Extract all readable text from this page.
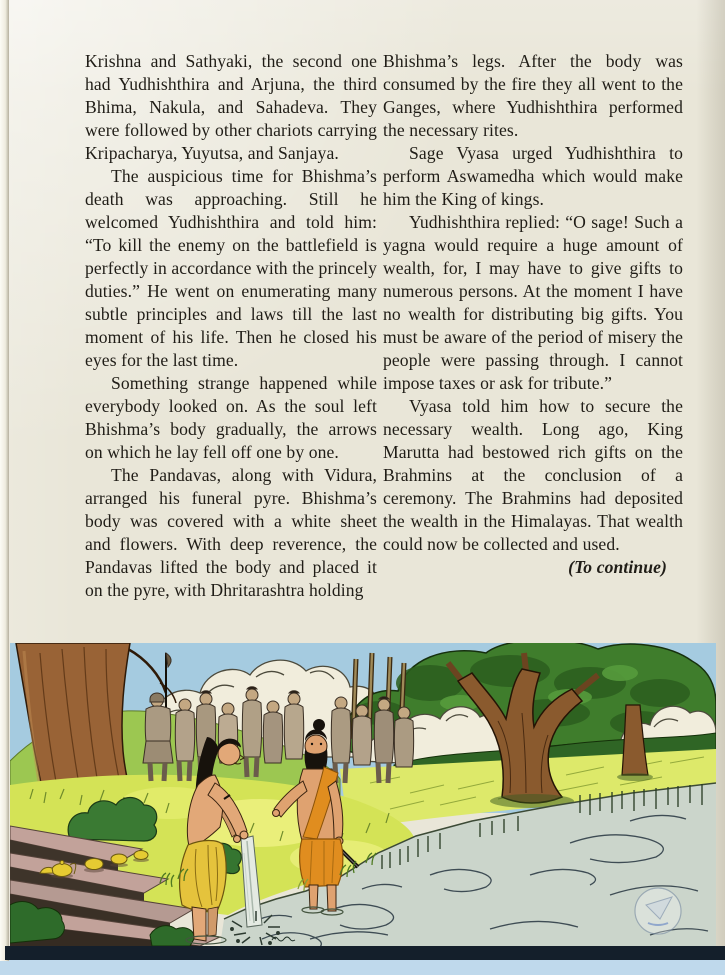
Krishna and Sathyaki, the second one had Yudhishthira and Arjuna, the third Bhima, Nakula, and Sahadeva. They were followed by other chariots carrying Kripacharya, Yuyutsa, and Sanjaya.

The auspicious time for Bhishma’s death was approaching. Still he welcomed Yudhishthira and told him: “To kill the enemy on the battlefield is perfectly in accordance with the princely duties.” He went on enumerating many subtle principles and laws till the last moment of his life. Then he closed his eyes for the last time.

Something strange happened while everybody looked on. As the soul left Bhishma’s body gradually, the arrows on which he lay fell off one by one.

The Pandavas, along with Vidura, arranged his funeral pyre. Bhishma’s body was covered with a white sheet and flowers. With deep reverence, the Pandavas lifted the body and placed it on the pyre, with Dhritarashtra holding

Bhishma’s legs. After the body was consumed by the fire they all went to the Ganges, where Yudhishthira performed the necessary rites.

Sage Vyasa urged Yudhishthira to perform Aswamedha which would make him the King of kings.

Yudhishthira replied: “O sage! Such a yagna would require a huge amount of wealth, for, I may have to give gifts to numerous persons. At the moment I have no wealth for distributing big gifts. You must be aware of the period of misery the people were passing through. I cannot impose taxes or ask for tribute.”

Vyasa told him how to secure the necessary wealth. Long ago, King Marutta had bestowed rich gifts on the Brahmins at the conclusion of a ceremony. The Brahmins had deposited the wealth in the Himalayas. That wealth could now be collected and used.

(To continue)
